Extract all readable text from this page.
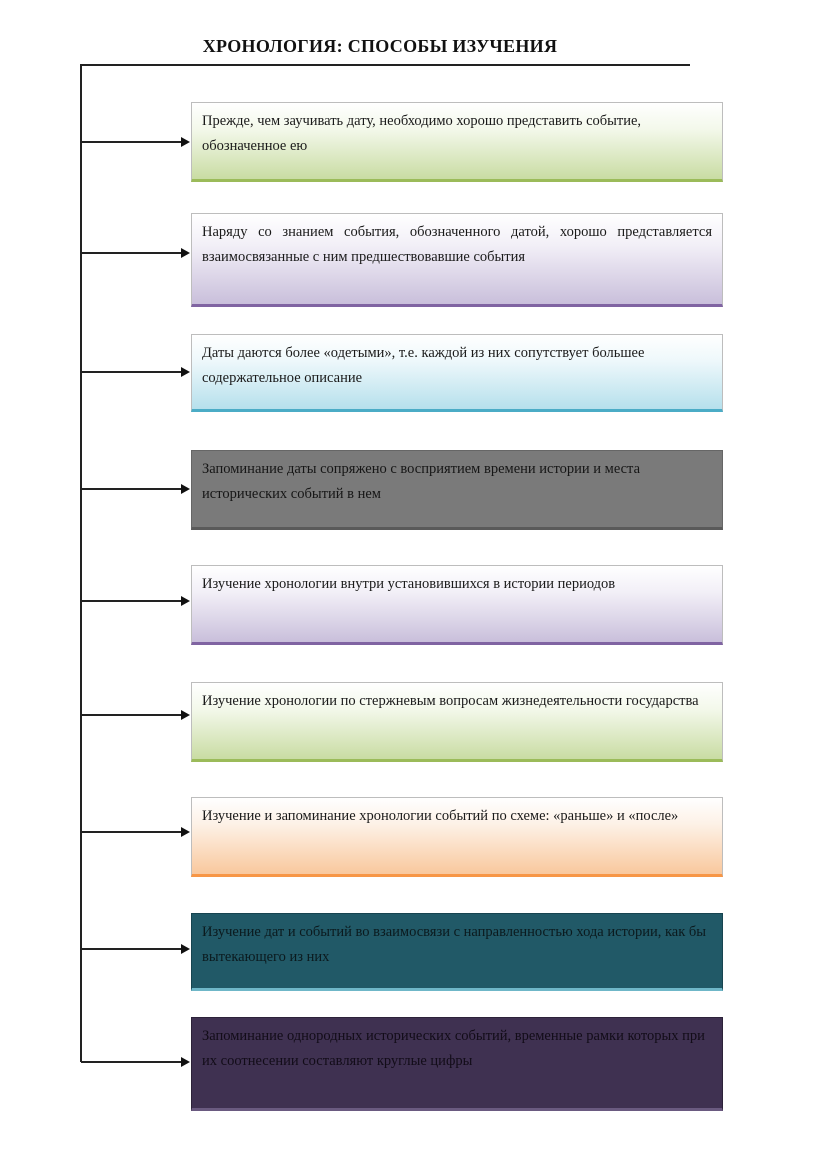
ХРОНОЛОГИЯ: СПОСОБЫ ИЗУЧЕНИЯ
Прежде, чем заучивать дату, необходимо хорошо представить событие, обозначенное ею
Наряду со знанием события, обозначенного датой, хорошо представляется взаимосвязанные с ним предшествовавшие события
Даты даются более «одетыми», т.е. каждой из них сопутствует большее содержательное описание
Запоминание даты сопряжено с восприятием времени истории и места исторических событий в нем
Изучение хронологии внутри установившихся в истории периодов
Изучение хронологии по стержневым вопросам жизнедеятельности государства
Изучение и запоминание хронологии событий по схеме: «раньше» и «после»
Изучение дат и событий во взаимосвязи с направленностью хода истории, как бы вытекающего из них
Запоминание однородных исторических событий, временные рамки которых при их соотнесении составляют круглые цифры
